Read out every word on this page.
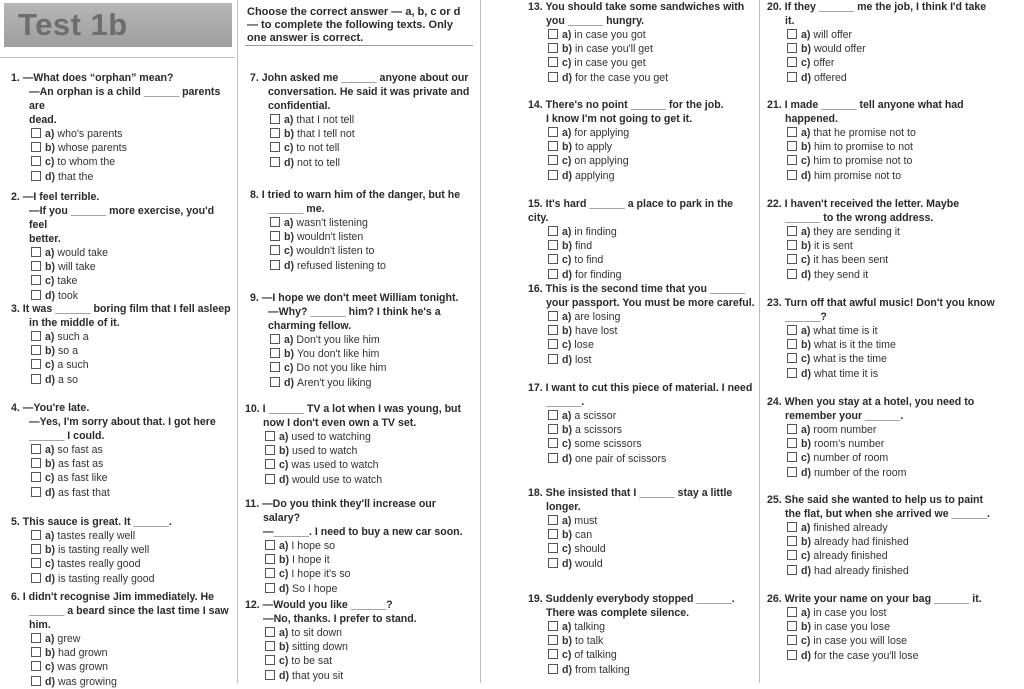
Test 1b	Choose the correct answer — a, b, c or d — to complete the following texts. Only one answer is correct.
1. —What does “orphan” mean?
—An orphan is a child ______ parents are
dead.
a) who's parents
b) whose parents
c) to whom the
d) that the
2. —I feel terrible.
—If you ______ more exercise, you'd feel
better.
a) would take
b) will take
c) take
d) took
3. It was ______ boring film that I fell asleep
in the middle of it.
a) such a
b) so a
c) a such
d) a so
4. —You're late.
—Yes, I'm sorry about that. I got here
______ I could.
a) so fast as
b) as fast as
c) as fast like
d) as fast that
5. This sauce is great. It ______.
a) tastes really well
b) is tasting really well
c) tastes really good
d) is tasting really good
6. I didn't recognise Jim immediately. He
______ a beard since the last time I saw
him.
a) grew
b) had grown
c) was grown
d) was growing
7. John asked me ______ anyone about our
conversation. He said it was private and
confidential.
a) that I not tell
b) that I tell not
c) to not tell
d) not to tell
8. I tried to warn him of the danger, but he
______ me.
a) wasn't listening
b) wouldn't listen
c) wouldn't listen to
d) refused listening to
9. —I hope we don't meet William tonight.
—Why? ______ him? I think he's a
charming fellow.
a) Don't you like him
b) You don't like him
c) Do not you like him
d) Aren't you liking
10. I ______ TV a lot when I was young, but
now I don't even own a TV set.
a) used to watching
b) used to watch
c) was used to watch
d) would use to watch
11. —Do you think they'll increase our
salary?
—______. I need to buy a new car soon.
a) I hope so
b) I hope it
c) I hope it's so
d) So I hope
12. —Would you like ______?
—No, thanks. I prefer to stand.
a) to sit down
b) sitting down
c) to be sat
d) that you sit
13. You should take some sandwiches with
you ______ hungry.
a) in case you got
b) in case you'll get
c) in case you get
d) for the case you get
14. There's no point ______ for the job.
I know I'm not going to get it.
a) for applying
b) to apply
c) on applying
d) applying
15. It's hard ______ a place to park in the city.
a) in finding
b) find
c) to find
d) for finding
16. This is the second time that you ______
your passport. You must be more careful.
a) are losing
b) have lost
c) lose
d) lost
17. I want to cut this piece of material. I need
______.
a) a scissor
b) a scissors
c) some scissors
d) one pair of scissors
18. She insisted that I ______ stay a little
longer.
a) must
b) can
c) should
d) would
19. Suddenly everybody stopped ______.
There was complete silence.
a) talking
b) to talk
c) of talking
d) from talking
20. If they ______ me the job, I think I'd take
it.
a) will offer
b) would offer
c) offer
d) offered
21. I made ______ tell anyone what had
happened.
a) that he promise not to
b) him to promise to not
c) him to promise not to
d) him promise not to
22. I haven't received the letter. Maybe
______ to the wrong address.
a) they are sending it
b) it is sent
c) it has been sent
d) they send it
23. Turn off that awful music! Don't you know
______?
a) what time is it
b) what is it the time
c) what is the time
d) what time it is
24. When you stay at a hotel, you need to
remember your ______.
a) room number
b) room's number
c) number of room
d) number of the room
25. She said she wanted to help us to paint
the flat, but when she arrived we ______.
a) finished already
b) already had finished
c) already finished
d) had already finished
26. Write your name on your bag ______ it.
a) in case you lost
b) in case you lose
c) in case you will lose
d) for the case you'll lose
